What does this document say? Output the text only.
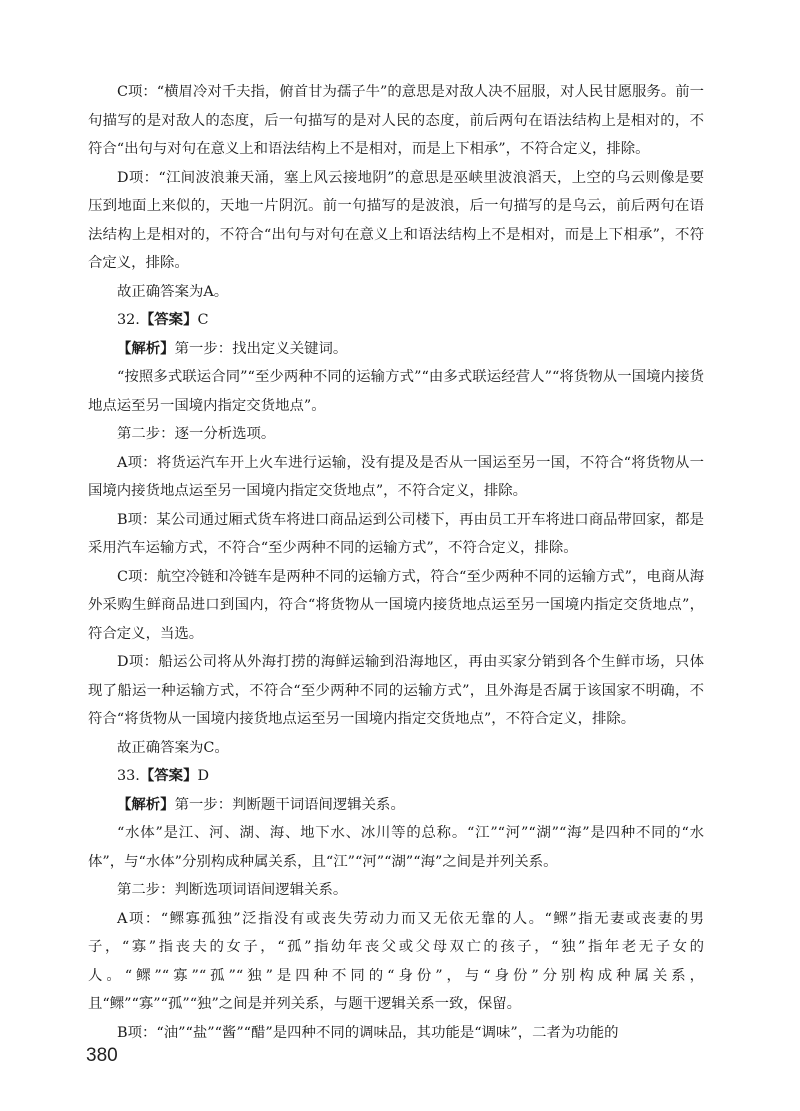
C项：“横眉冷对千夫指，俯首甘为孺子牛”的意思是对敌人决不屈服，对人民甘愿服务。前一句描写的是对敌人的态度，后一句描写的是对人民的态度，前后两句在语法结构上是相对的，不符合“出句与对句在意义上和语法结构上不是相对，而是上下相承”，不符合定义，排除。

D项：“江间波浪兼天涌，塞上风云接地阴”的意思是巫峡里波浪滔天，上空的乌云则像是要压到地面上来似的，天地一片阴沉。前一句描写的是波浪，后一句描写的是乌云，前后两句在语法结构上是相对的，不符合“出句与对句在意义上和语法结构上不是相对，而是上下相承”，不符合定义，排除。

故正确答案为A。

32.【答案】C

【解析】第一步：找出定义关键词。

“按照多式联运合同”“至少两种不同的运输方式”“由多式联运经营人”“将货物从一国境内接货地点运至另一国境内指定交货地点”。

第二步：逐一分析选项。

A项：将货运汽车开上火车进行运输，没有提及是否从一国运至另一国，不符合“将货物从一国境内接货地点运至另一国境内指定交货地点”，不符合定义，排除。

B项：某公司通过厢式货车将进口商品运到公司楼下，再由员工开车将进口商品带回家，都是采用汽车运输方式，不符合“至少两种不同的运输方式”，不符合定义，排除。

C项：航空冷链和冷链车是两种不同的运输方式，符合“至少两种不同的运输方式”，电商从海外采购生鲜商品进口到国内，符合“将货物从一国境内接货地点运至另一国境内指定交货地点”，符合定义，当选。

D项：船运公司将从外海打捞的海鲜运输到沿海地区，再由买家分销到各个生鲜市场，只体现了船运一种运输方式，不符合“至少两种不同的运输方式”，且外海是否属于该国家不明确，不符合“将货物从一国境内接货地点运至另一国境内指定交货地点”，不符合定义，排除。

故正确答案为C。

33.【答案】D

【解析】第一步：判断题干词语间逻辑关系。

“水体”是江、河、湖、海、地下水、冰川等的总称。“江”“河”“湖”“海”是四种不同的“水体”，与“水体”分别构成种属关系，且“江”“河”“湖”“海”之间是并列关系。

第二步：判断选项词语间逻辑关系。

A项：“鳏寡孤独”泛指没有或丧失劳动力而又无依无靠的人。“鳏”指无妻或丧妻的男子，“寡”指丧夫的女子，“孤”指幼年丧父或父母双亡的孩子，“独”指年老无子女的人。“鳏”“寡”“孤”“独”是四种不同的“身份”，与“身份”分别构成种属关系，且“鳏”“寡”“孤”“独”之间是并列关系，与题干逻辑关系一致，保留。

B项：“油”“盐”“酱”“醋”是四种不同的调味品，其功能是“调味”，二者为功能的

380
